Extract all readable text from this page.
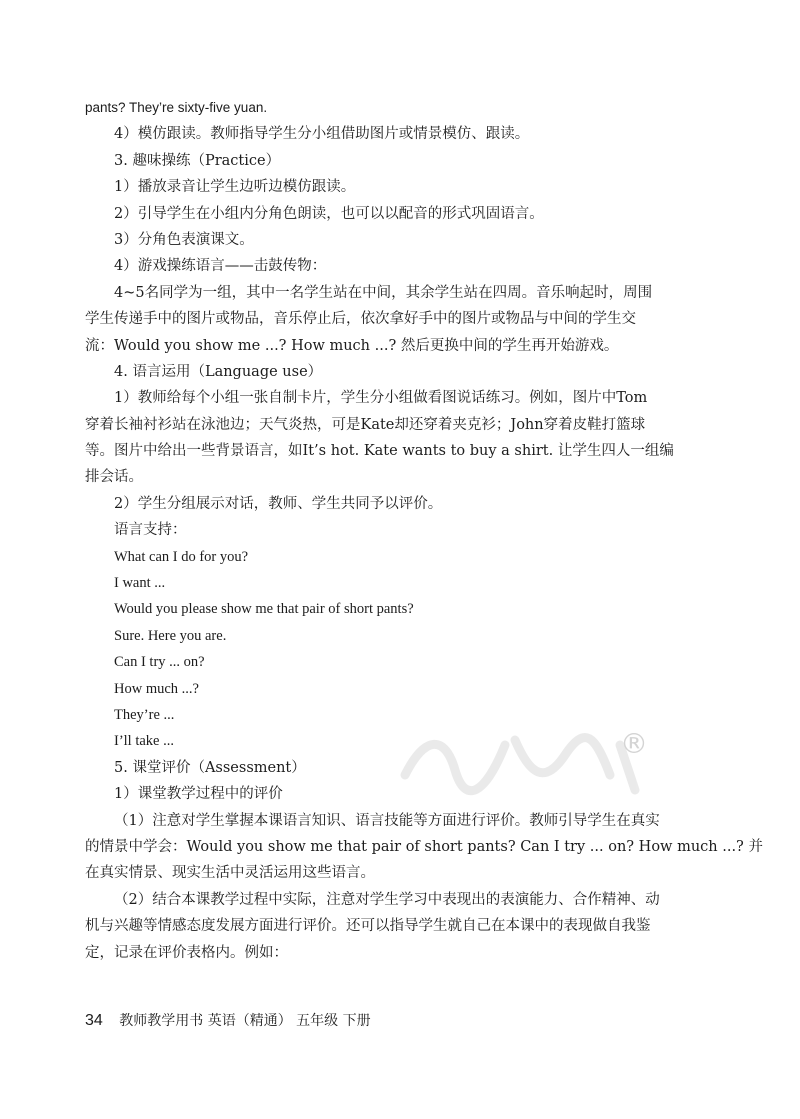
pants? They’re sixty-five yuan.
4）模仿跟读。教师指导学生分小组借助图片或情景模仿、跟读。
3. 趣味操练（Practice）
1）播放录音让学生边听边模仿跟读。
2）引导学生在小组内分角色朗读，也可以以配音的形式巩固语言。
3）分角色表演课文。
4）游戏操练语言——击鼓传物：
4~5名同学为一组，其中一名学生站在中间，其余学生站在四周。音乐响起时，周围
学生传递手中的图片或物品，音乐停止后，依次拿好手中的图片或物品与中间的学生交
流：Would you show me ...? How much ...? 然后更换中间的学生再开始游戏。
4. 语言运用（Language use）
1）教师给每个小组一张自制卡片，学生分小组做看图说话练习。例如，图片中Tom
穿着长袖衬衫站在泳池边；天气炎热，可是Kate却还穿着夹克衫；John穿着皮鞋打篮球
等。图片中给出一些背景语言，如It’s hot. Kate wants to buy a shirt. 让学生四人一组编
排会话。
2）学生分组展示对话，教师、学生共同予以评价。
语言支持：
What can I do for you?
I want ...
Would you please show me that pair of short pants?
Sure. Here you are.
Can I try ... on?
How much ...?
They’re ...
I’ll take ...
5. 课堂评价（Assessment）
1）课堂教学过程中的评价
（1）注意对学生掌握本课语言知识、语言技能等方面进行评价。教师引导学生在真实
的情景中学会：Would you show me that pair of short pants? Can I try ... on? How much ...? 并
在真实情景、现实生活中灵活运用这些语言。
（2）结合本课教学过程中实际，注意对学生学习中表现出的表演能力、合作精神、动
机与兴趣等情感态度发展方面进行评价。还可以指导学生就自己在本课中的表现做自我鉴
定，记录在评价表格内。例如：
®
34 教师教学用书 英语（精通） 五年级 下册
